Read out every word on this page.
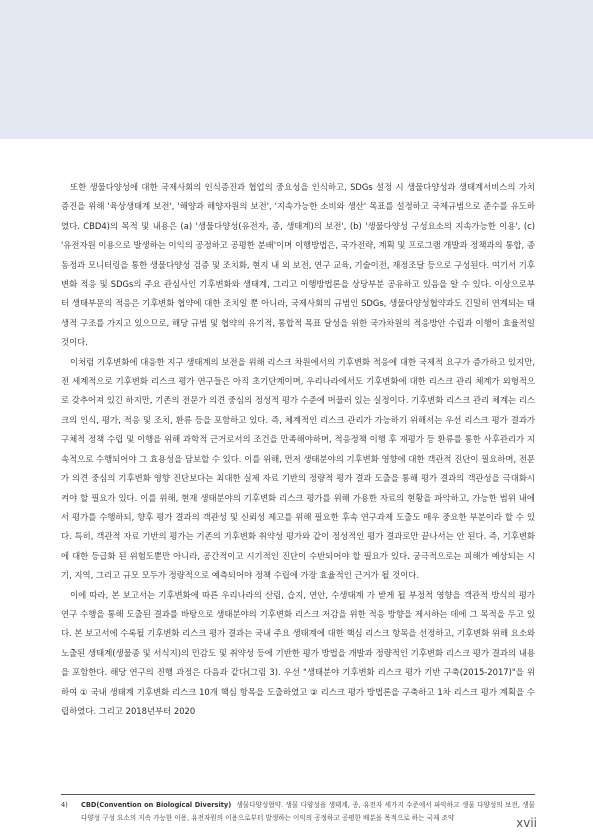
또한 생물다양성에 대한 국제사회의 인식증진과 협업의 중요성을 인식하고, SDGs 설정 시 생물다양성과 생태계서비스의 가치 증진을 위해 '육상생태계 보전', '해양과 해양자원의 보전', '지속가능한 소비와 생산' 목표를 설정하고 국제규범으로 준수를 유도하였다. CBD4)의 목적 및 내용은 (a) '생물다양성(유전자, 종, 생태계)의 보전', (b) '생물다양성 구성요소의 지속가능한 이용', (c) '유전자원 이용으로 발생하는 이익의 공정하고 공평한 분배'이며 이행방법은, 국가전략, 계획 및 프로그램 개발과 정책과의 통합, 종 동정과 모니터링을 통한 생물다양성 검증 및 조치화, 현지 내 외 보전, 연구 교육, 기술이전, 재정조달 등으로 구성된다. 여기서 기후변화 적응 및 SDGs의 주요 관심사인 기후변화와 생태계, 그리고 이행방법론을 상당부분 공유하고 있음을 알 수 있다. 이상으로부터 생태부문의 적응은 기후변화 협약에 대한 조치일 뿐 아니라, 국제사회의 규범인 SDGs, 생물다양성협약과도 긴밀히 연계되는 태생적 구조를 가지고 있으므로, 해당 규범 및 협약의 유기적, 통합적 목표 달성을 위한 국가차원의 적응방안 수립과 이행이 효율적일 것이다.

이처럼 기후변화에 대응한 지구 생태계의 보전을 위해 리스크 차원에서의 기후변화 적응에 대한 국제적 요구가 증가하고 있지만, 전 세계적으로 기후변화 리스크 평가 연구들은 아직 초기단계이며, 우리나라에서도 기후변화에 대한 리스크 관리 체계가 외형적으로 갖추어져 있긴 하지만, 기존의 전문가 의견 중심의 정성적 평가 수준에 머물러 있는 실정이다. 기후변화 리스크 관리 체계는 리스크의 인식, 평가, 적응 및 조치, 환류 등을 포함하고 있다. 즉, 체계적인 리스크 관리가 가능하기 위해서는 우선 리스크 평가 결과가 구체적 정책 수립 및 이행을 위해 과학적 근거로서의 조건을 만족해야하며, 적응정책 이행 후 재평가 등 환류를 통한 사후관리가 지속적으로 수행되어야 그 효용성을 담보할 수 있다. 이를 위해, 먼저 생태분야의 기후변화 영향에 대한 객관적 진단이 필요하며, 전문가 의견 중심의 기후변화 영향 진단보다는 최대한 실제 자료 기반의 정량적 평가 결과 도출을 통해 평가 결과의 객관성을 극대화시켜야 할 필요가 있다. 이를 위해, 현재 생태분야의 기후변화 리스크 평가를 위해 가용한 자료의 현황을 파악하고, 가능한 범위 내에서 평가를 수행하되, 향후 평가 결과의 객관성 및 신뢰성 제고를 위해 필요한 후속 연구과제 도출도 매우 중요한 부분이라 할 수 있다. 특히, 객관적 자료 기반의 평가는 기존의 기후변화 취약성 평가와 같이 정성적인 평가 결과로만 끝나서는 안 된다. 즉, 기후변화에 대한 등급화 된 위험도뿐만 아니라, 공간적이고 시기적인 진단이 수반되어야 할 필요가 있다. 궁극적으로는 피해가 예상되는 시기, 지역, 그리고 규모 모두가 정량적으로 예측되어야 정책 수립에 가장 효율적인 근거가 될 것이다.

이에 따라, 본 보고서는 기후변화에 따른 우리나라의 산림, 습지, 연안, 수생태계 가 받게 될 부정적 영향을 객관적 방식의 평가 연구 수행을 통해 도출된 결과를 바탕으로 생태분야의 기후변화 리스크 저감을 위한 적응 방향을 제시하는 데에 그 목적을 두고 있다. 본 보고서에 수록될 기후변화 리스크 평가 결과는 국내 주요 생태계에 대한 핵심 리스크 항목을 선정하고, 기후변화 위해 요소와 노출된 생태계(생물종 및 서식지)의 민감도 및 취약성 등에 기반한 평가 방법을 개발과 정량적인 기후변화 리스크 평가 결과의 내용을 포함한다. 해당 연구의 진행 과정은 다음과 같다(그림 3). 우선 "생태분야 기후변화 리스크 평가 기반 구축(2015-2017)"을 위하여 ① 국내 생태계 기후변화 리스크 10개 핵심 항목을 도출하였고 ② 리스크 평가 방법론을 구축하고 1차 리스크 평가 계획을 수립하였다. 그리고 2018년부터 2020

4)	CBD(Convention on Biological Diversity)  생물다양성협약. 생물 다양성을 생태계, 종, 유전자 세가지 수준에서 파악하고 생물 다양성의 보전, 생물 다양성 구성 요소의 지속 가능한 이용, 유전자원의 이용으로부터 발생하는 이익의 공정하고 공평한 배분을 목적으로 하는 국제 조약	xvii
